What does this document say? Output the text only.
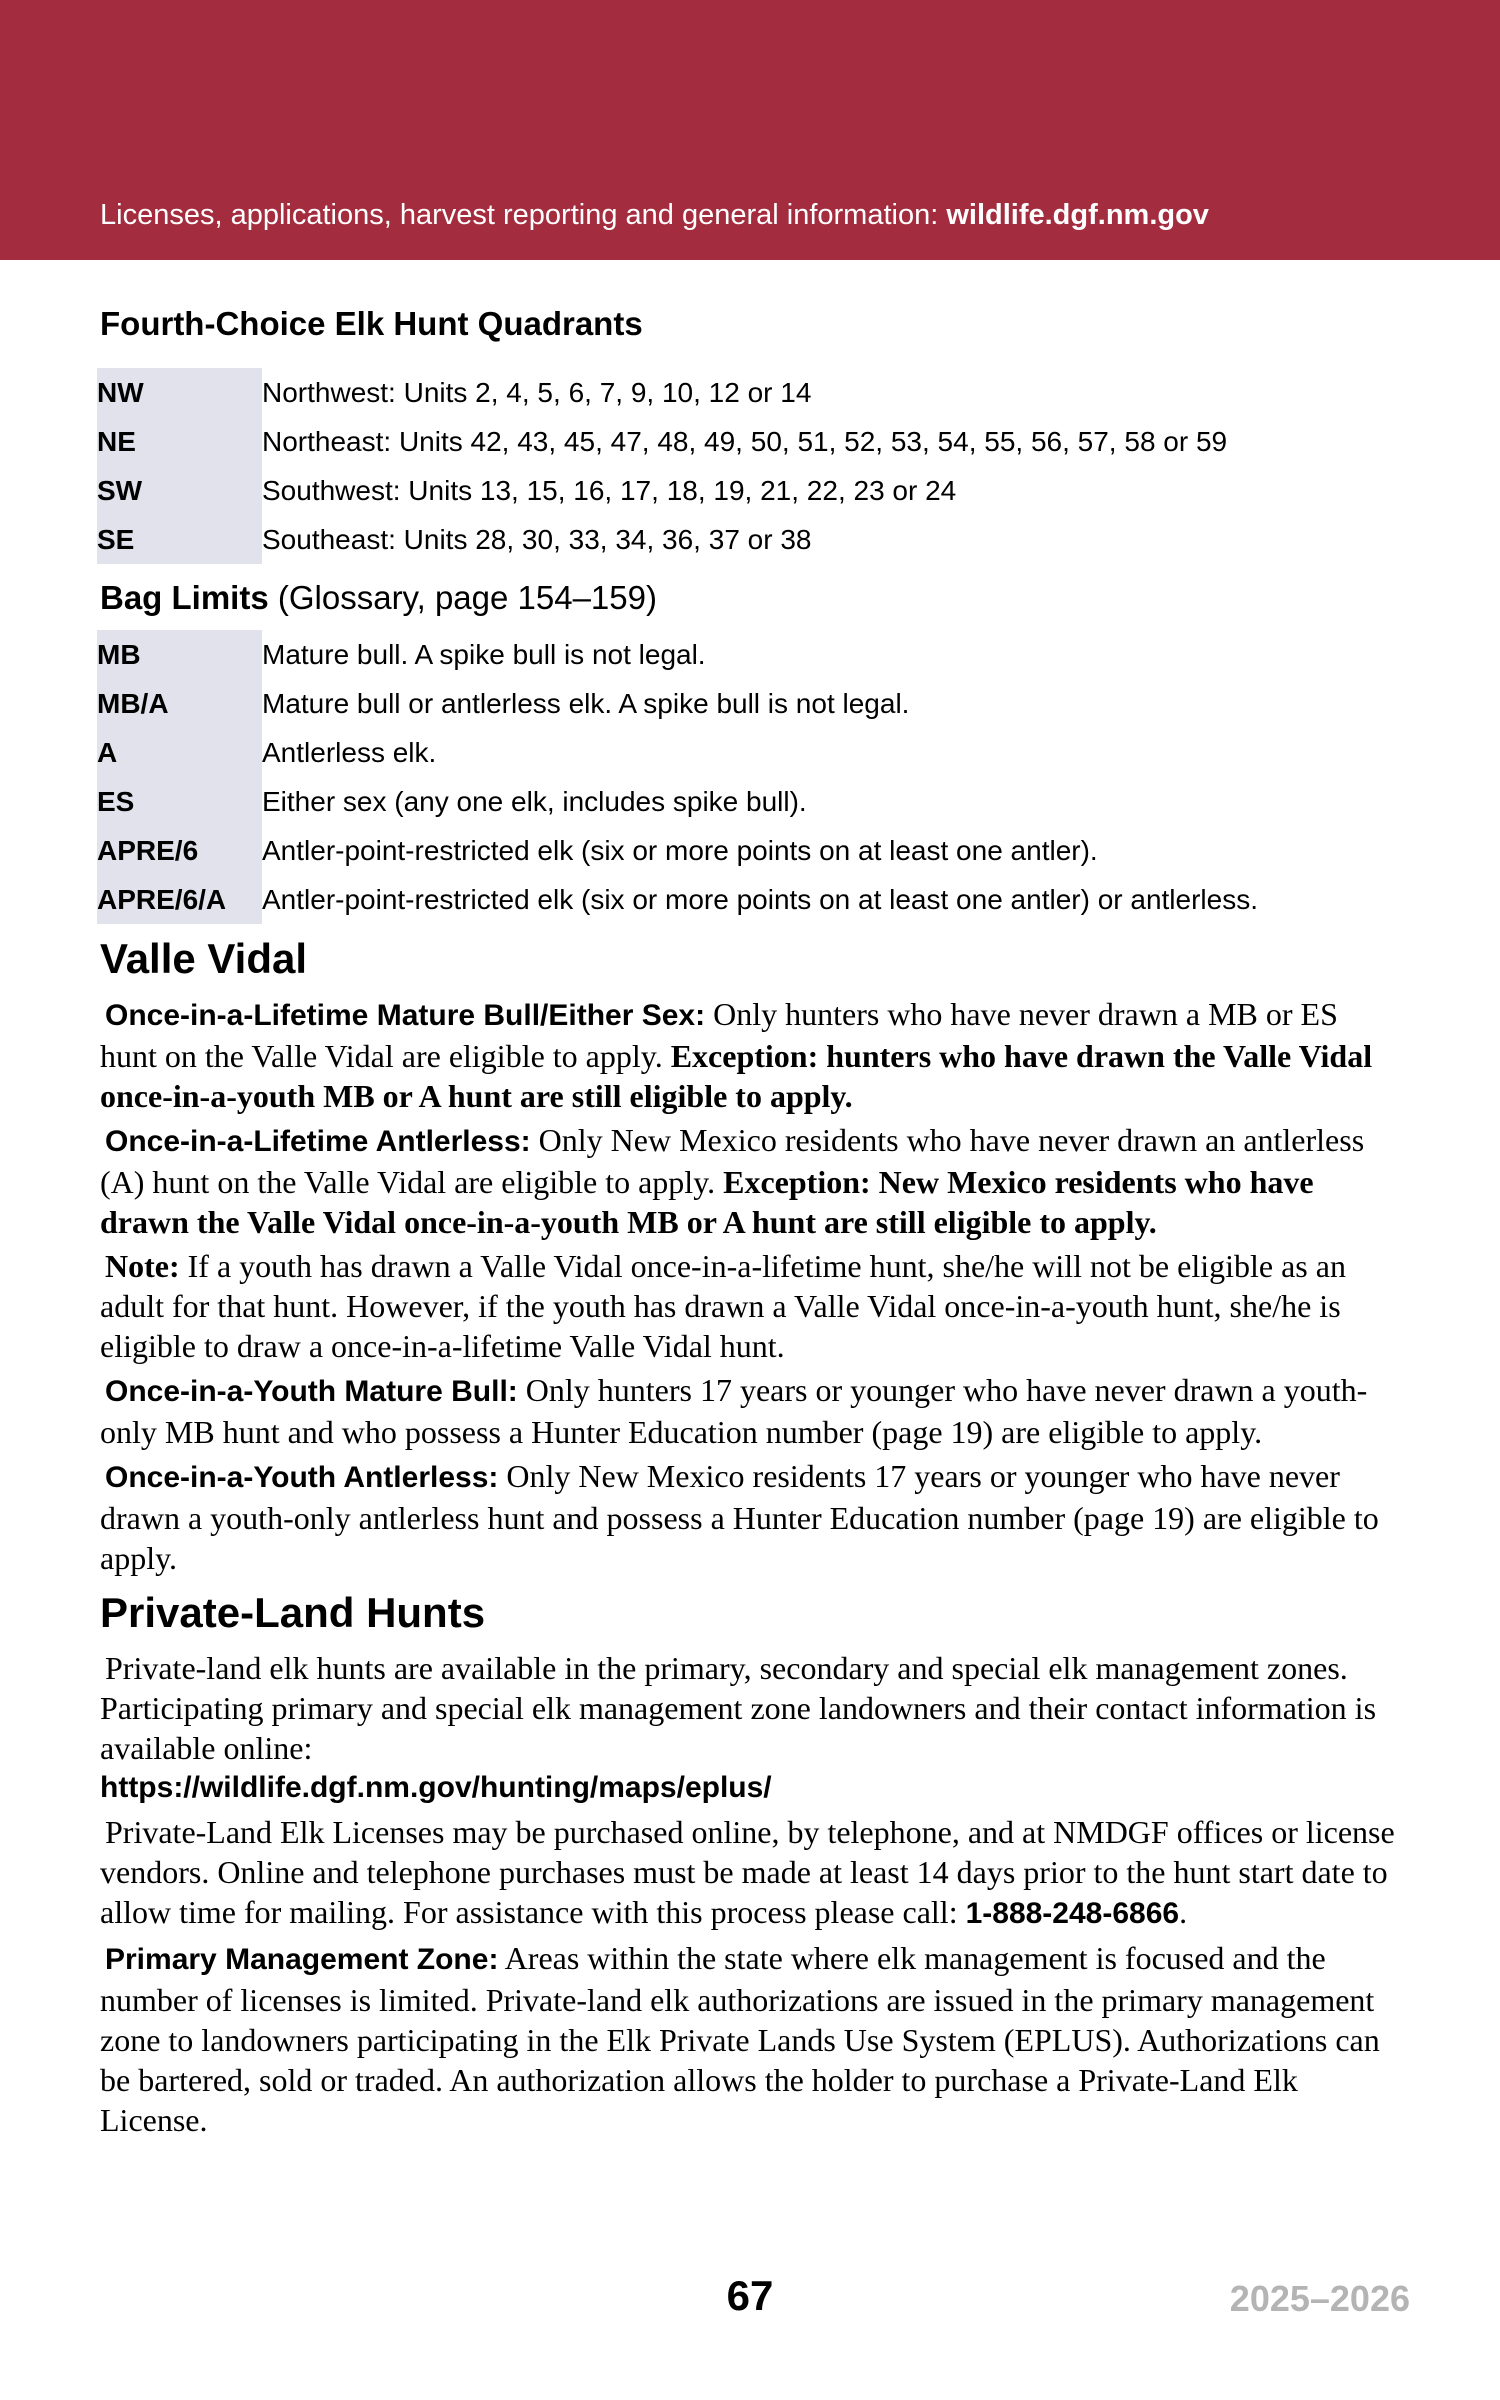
Licenses, applications, harvest reporting and general information: wildlife.dgf.nm.gov

Fourth-Choice Elk Hunt Quadrants
NW	Northwest: Units 2, 4, 5, 6, 7, 9, 10, 12 or 14
NE	Northeast: Units 42, 43, 45, 47, 48, 49, 50, 51, 52, 53, 54, 55, 56, 57, 58 or 59
SW	Southwest: Units 13, 15, 16, 17, 18, 19, 21, 22, 23 or 24
SE	Southeast: Units 28, 30, 33, 34, 36, 37 or 38
Bag Limits (Glossary, page 154–159)
MB	Mature bull. A spike bull is not legal.
MB/A	Mature bull or antlerless elk. A spike bull is not legal.
A	Antlerless elk.
ES	Either sex (any one elk, includes spike bull).
APRE/6	Antler-point-restricted elk (six or more points on at least one antler).
APRE/6/A	Antler-point-restricted elk (six or more points on at least one antler) or antlerless.
Valle Vidal

Once-in-a-Lifetime Mature Bull/Either Sex: Only hunters who have never drawn a MB or ES hunt on the Valle Vidal are eligible to apply. Exception: hunters who have drawn the Valle Vidal once-in-a-youth MB or A hunt are still eligible to apply.

Once-in-a-Lifetime Antlerless: Only New Mexico residents who have never drawn an antlerless (A) hunt on the Valle Vidal are eligible to apply. Exception: New Mexico residents who have drawn the Valle Vidal once-in-a-youth MB or A hunt are still eligible to apply.

Note: If a youth has drawn a Valle Vidal once-in-a-lifetime hunt, she/he will not be eligible as an adult for that hunt. However, if the youth has drawn a Valle Vidal once-in-a-youth hunt, she/he is eligible to draw a once-in-a-lifetime Valle Vidal hunt.

Once-in-a-Youth Mature Bull: Only hunters 17 years or younger who have never drawn a youth-only MB hunt and who possess a Hunter Education number (page 19) are eligible to apply.

Once-in-a-Youth Antlerless: Only New Mexico residents 17 years or younger who have never drawn a youth-only antlerless hunt and possess a Hunter Education number (page 19) are eligible to apply.

Private-Land Hunts

Private-land elk hunts are available in the primary, secondary and special elk management zones. Participating primary and special elk management zone landowners and their contact information is available online:
https://wildlife.dgf.nm.gov/hunting/maps/eplus/

Private-Land Elk Licenses may be purchased online, by telephone, and at NMDGF offices or license vendors. Online and telephone purchases must be made at least 14 days prior to the hunt start date to allow time for mailing. For assistance with this process please call: 1-888-248-6866.

Primary Management Zone: Areas within the state where elk management is focused and the number of licenses is limited. Private-land elk authorizations are issued in the primary management zone to landowners participating in the Elk Private Lands Use System (EPLUS). Authorizations can be bartered, sold or traded. An authorization allows the holder to purchase a Private-Land Elk License.

67	2025–2026
